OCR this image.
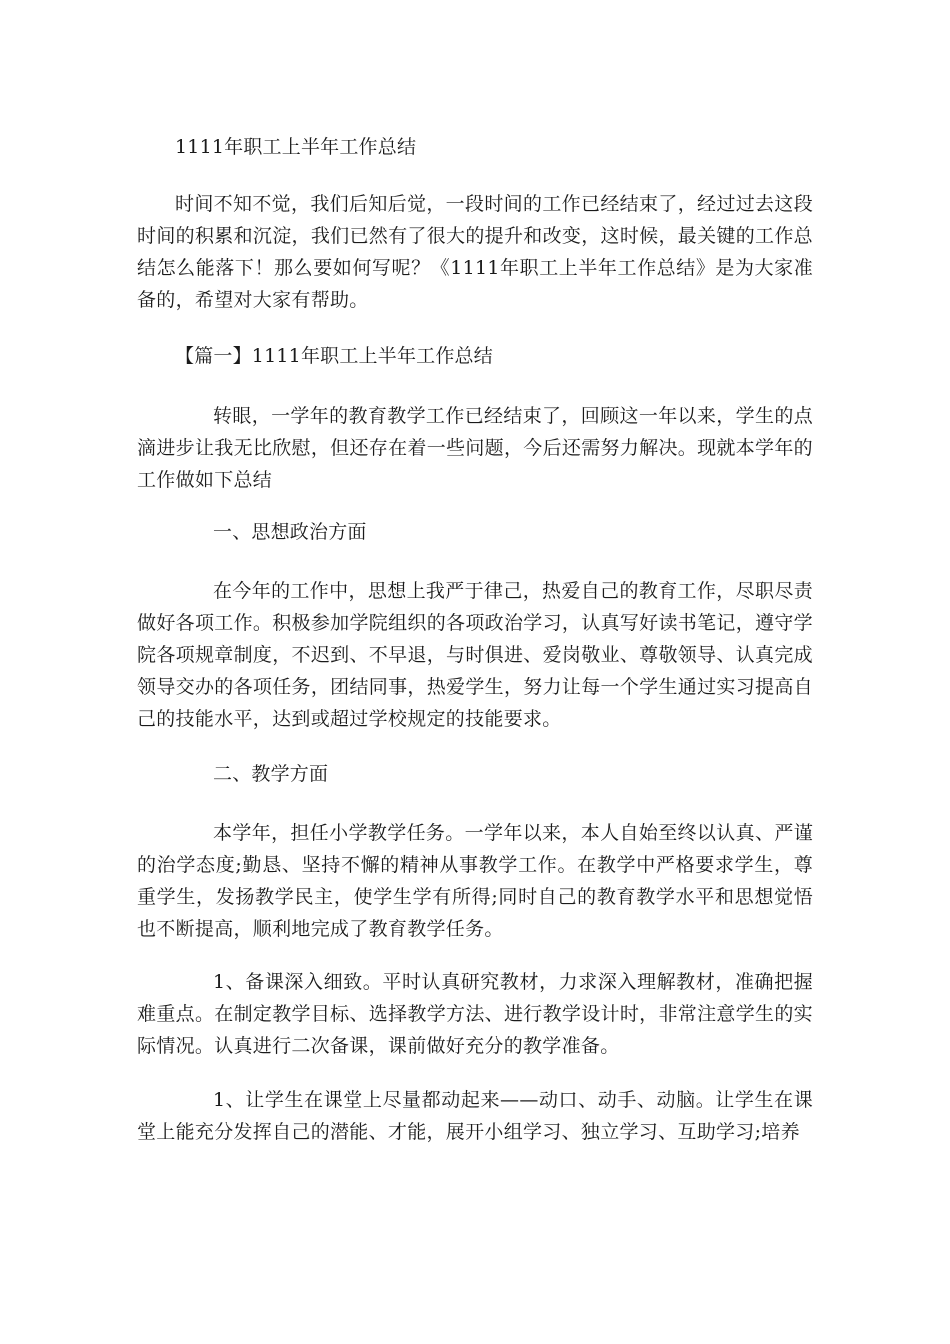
1111年职工上半年工作总结
时间不知不觉，我们后知后觉，一段时间的工作已经结束了，经过过去这段时间的积累和沉淀，我们已然有了很大的提升和改变，这时候，最关键的工作总结怎么能落下！那么要如何写呢？《1111年职工上半年工作总结》是为大家准备的，希望对大家有帮助。
【篇一】1111年职工上半年工作总结
转眼，一学年的教育教学工作已经结束了，回顾这一年以来，学生的点滴进步让我无比欣慰，但还存在着一些问题，今后还需努力解决。现就本学年的工作做如下总结
一、思想政治方面
在今年的工作中，思想上我严于律己，热爱自己的教育工作，尽职尽责做好各项工作。积极参加学院组织的各项政治学习，认真写好读书笔记，遵守学院各项规章制度，不迟到、不早退，与时俱进、爱岗敬业、尊敬领导、认真完成领导交办的各项任务，团结同事，热爱学生，努力让每一个学生通过实习提高自己的技能水平，达到或超过学校规定的技能要求。
二、教学方面
本学年，担任小学教学任务。一学年以来，本人自始至终以认真、严谨的治学态度;勤恳、坚持不懈的精神从事教学工作。在教学中严格要求学生，尊重学生，发扬教学民主，使学生学有所得;同时自己的教育教学水平和思想觉悟也不断提高，顺利地完成了教育教学任务。
1、备课深入细致。平时认真研究教材，力求深入理解教材，准确把握难重点。在制定教学目标、选择教学方法、进行教学设计时，非常注意学生的实际情况。认真进行二次备课，课前做好充分的教学准备。
1、让学生在课堂上尽量都动起来——动口、动手、动脑。让学生在课堂上能充分发挥自己的潜能、才能，展开小组学习、独立学习、互助学习;培养
